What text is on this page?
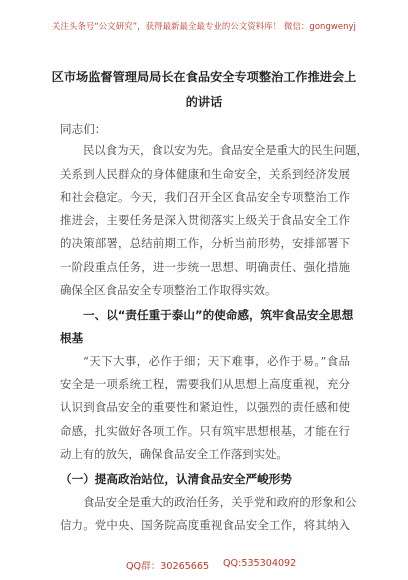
关注头条号“公文研究”，获得最新最全最专业的公文资料库！ 微信：gongwenyj
区市场监督管理局局长在食品安全专项整治工作推进会上
的讲话
同志们：
民以食为天，食以安为先。食品安全是重大的民生问题，
关系到人民群众的身体健康和生命安全，关系到经济发展
和社会稳定。今天，我们召开全区食品安全专项整治工作
推进会，主要任务是深入贯彻落实上级关于食品安全工作
的决策部署，总结前期工作，分析当前形势，安排部署下
一阶段重点任务，进一步统一思想、明确责任、强化措施
确保全区食品安全专项整治工作取得实效。
一、以“责任重于泰山”的使命感，筑牢食品安全思想
根基
“天下大事，必作于细；天下难事，必作于易。”食品
安全是一项系统工程，需要我们从思想上高度重视，充分
认识到食品安全的重要性和紧迫性，以强烈的责任感和使
命感，扎实做好各项工作。只有筑牢思想根基，才能在行
动上有的放矢，确保食品安全工作落到实处。
（一）提高政治站位，认清食品安全严峻形势
食品安全是重大的政治任务，关乎党和政府的形象和公
信力。党中央、国务院高度重视食品安全工作，将其纳入
QQ群：30265665 QQ:535304092
